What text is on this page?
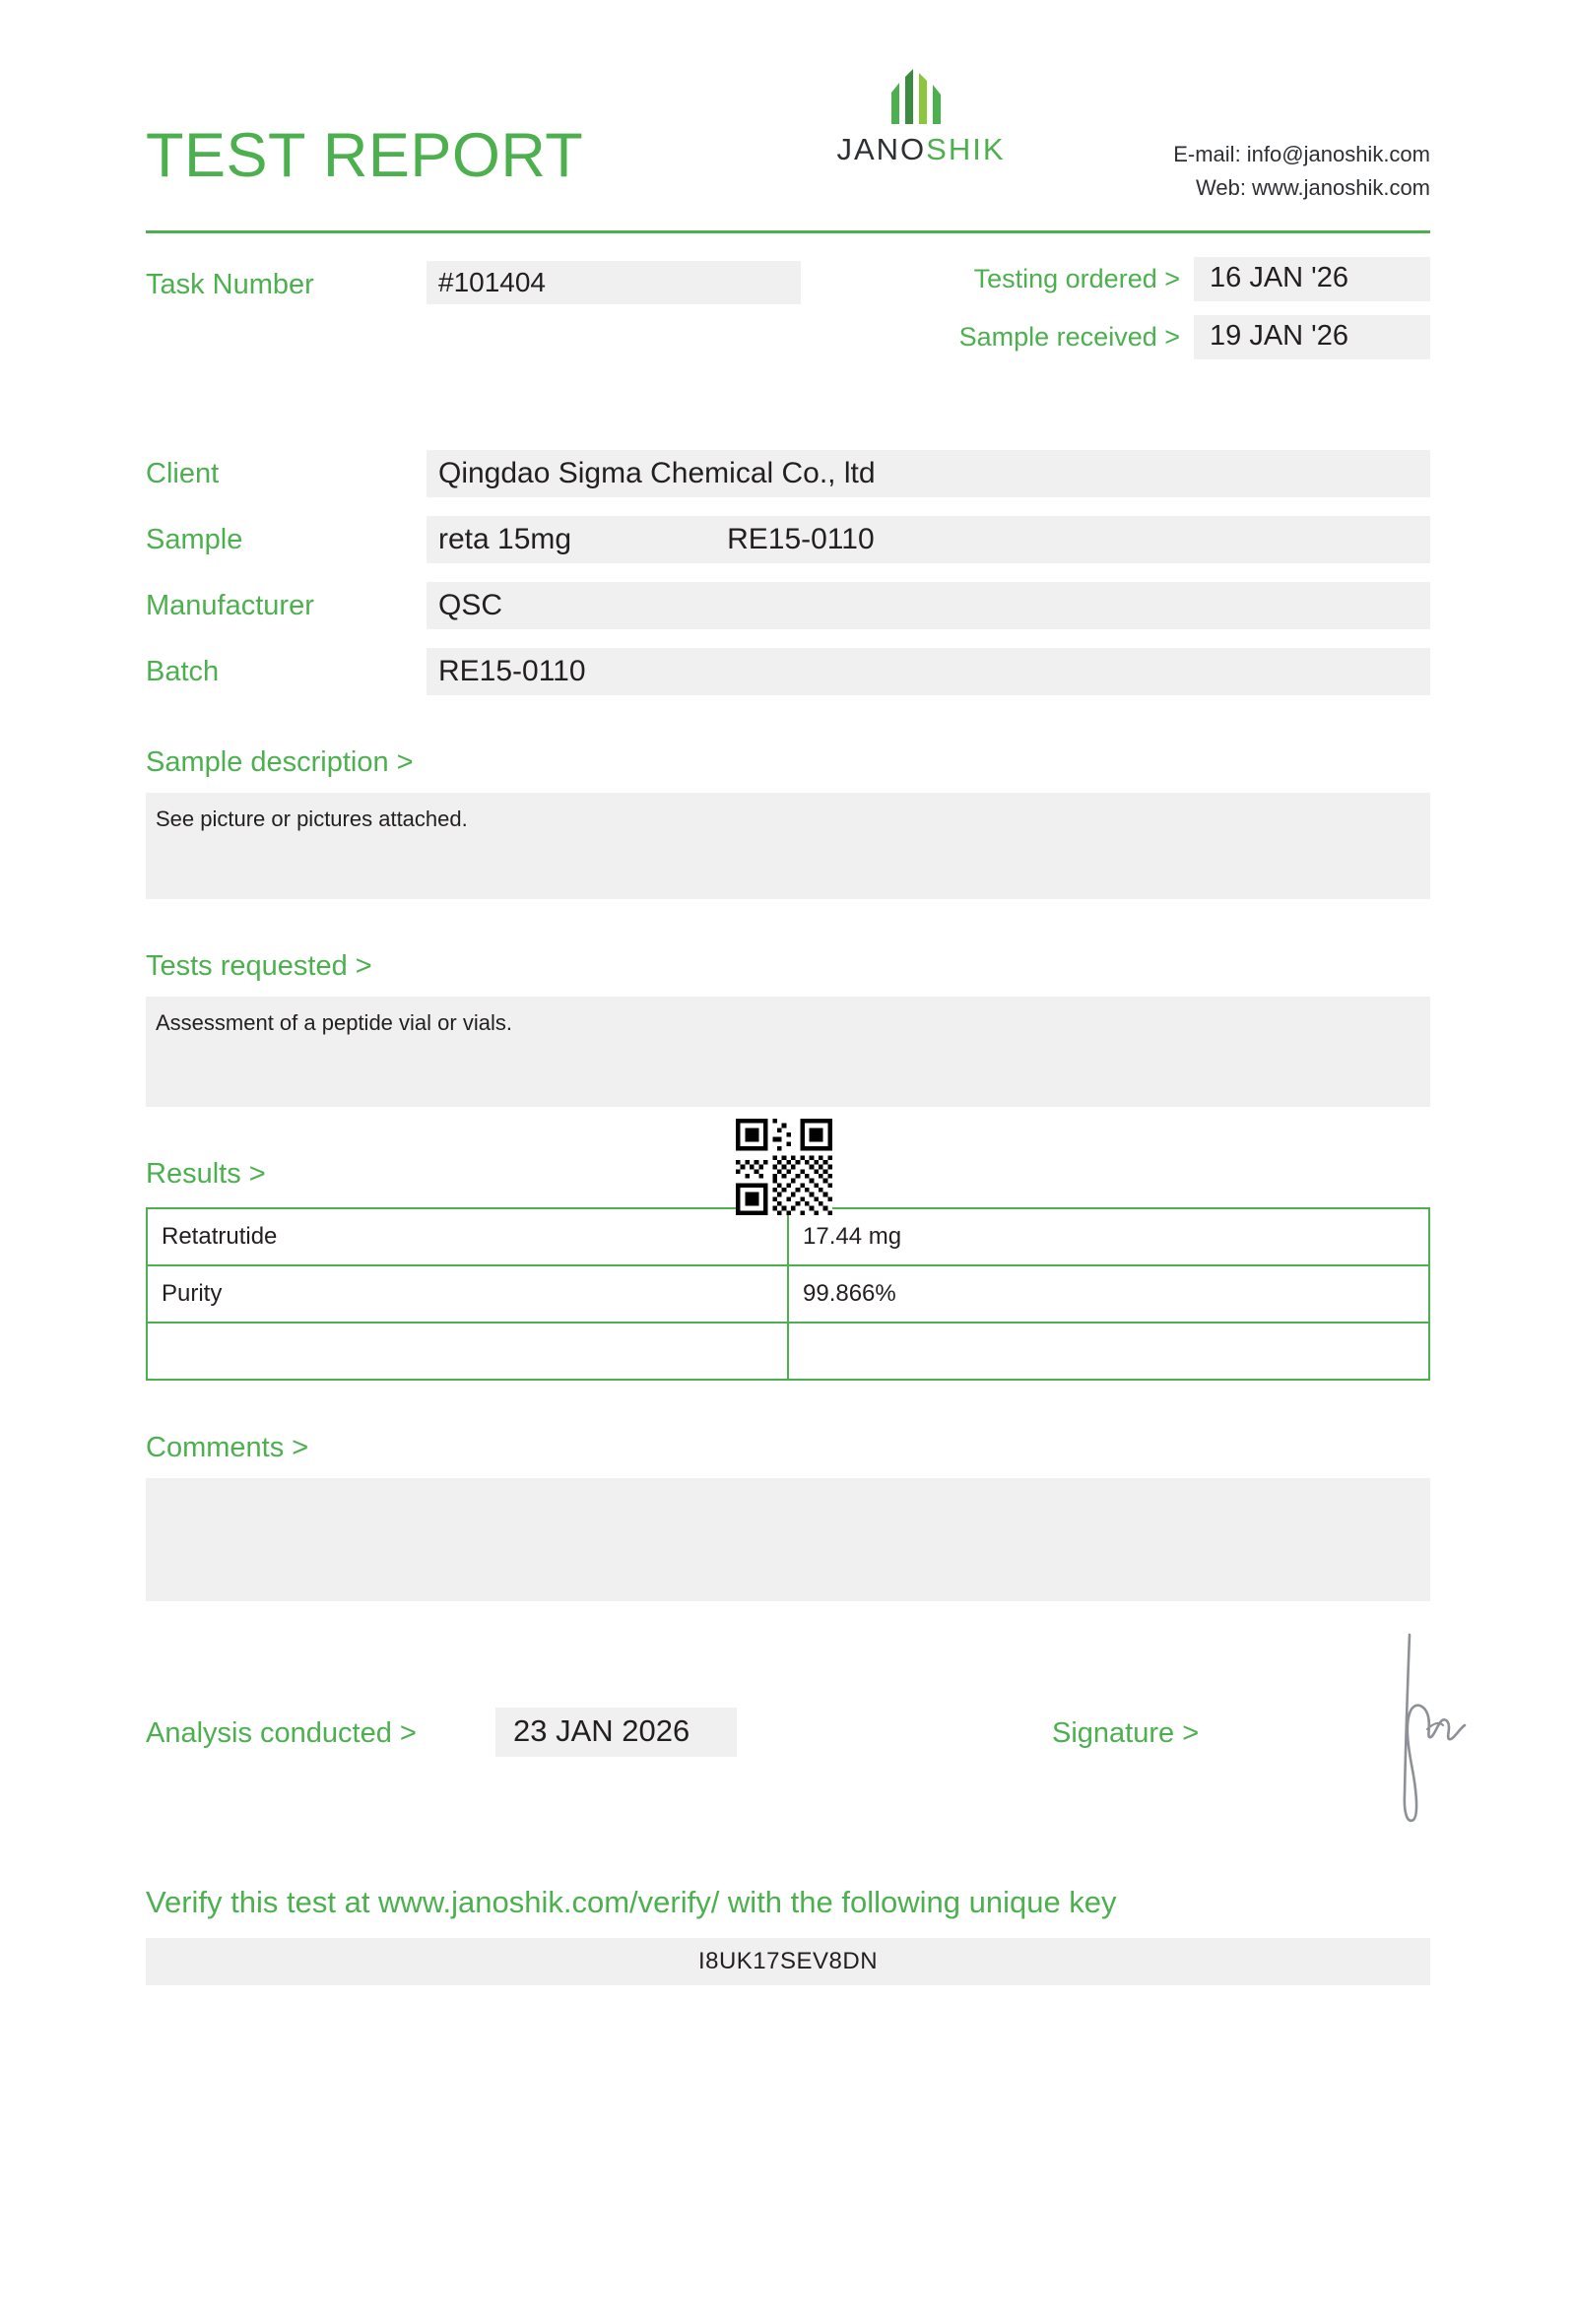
TEST REPORT	JANOSHIK	E-mail: info@janoshik.com
Web: www.janoshik.com
Task Number	#101404	Testing ordered >	16 JAN '26
Sample received >	19 JAN '26
Client	Qingdao Sigma Chemical Co., ltd
Sample	reta 15mg	RE15-0110
Manufacturer	QSC
Batch	RE15-0110
Sample description >
See picture or pictures attached.
Tests requested >
Assessment of a peptide vial or vials.
Results >
Retatrutide	17.44 mg
Purity	99.866%

Comments >
Analysis conducted >	23 JAN 2026	Signature >
Verify this test at www.janoshik.com/verify/ with the following unique key
I8UK17SEV8DN
